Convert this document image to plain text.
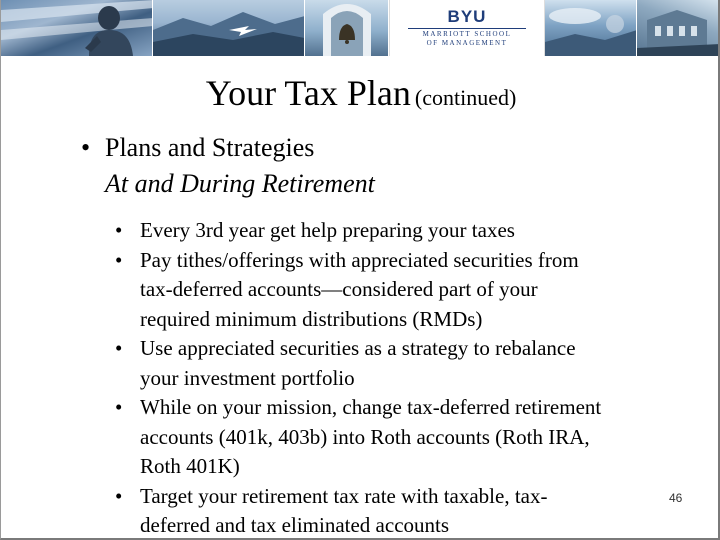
BYU
MARRIOTT SCHOOL
OF MANAGEMENT
Your Tax Plan (continued)
• Plans and Strategies
At and During Retirement
• Every 3rd year get help preparing your taxes
• Pay tithes/offerings with appreciated securities from tax-deferred accounts—considered part of your required minimum distributions (RMDs)
• Use appreciated securities as a strategy to rebalance your investment portfolio
• While on your mission, change tax-deferred retirement accounts (401k, 403b) into Roth accounts (Roth IRA, Roth 401K)
• Target your retirement tax rate with taxable, tax-deferred and tax eliminated accounts
46
